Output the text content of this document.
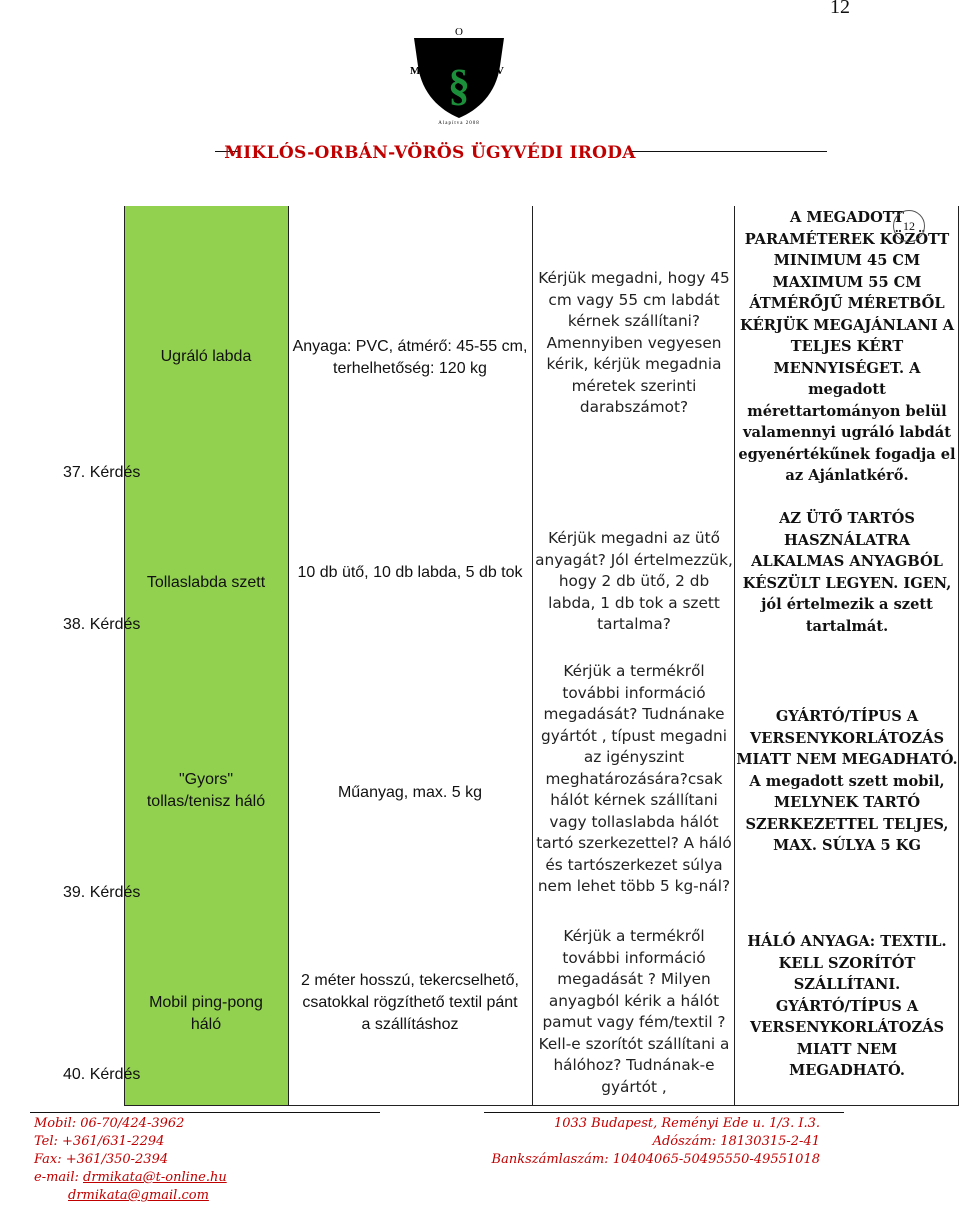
12
O
M § V
Alapítva 2008
MIKLÓS-ORBÁN-VÖRÖS ÜGYVÉDI IRODA
37. Kérdés
Ugráló labda
Anyaga: PVC, átmérő: 45-55 cm, terhelhetőség: 120 kg
Kérjük megadni, hogy 45 cm vagy 55 cm labdát kérnek szállítani? Amennyiben vegyesen kérik, kérjük megadnia méretek szerinti darabszámot?
A MEGADOTT PARAMÉTEREK KÖZÖTT MINIMUM 45 CM MAXIMUM 55 CM ÁTMÉRŐJŰ MÉRETBŐL KÉRJÜK MEGAJÁNLANI A TELJES KÉRT MENNYISÉGET. A megadott mérettartományon belül valamennyi ugráló labdát egyenértékűnek fogadja el az Ajánlatkérő.
38. Kérdés
Tollaslabda szett
10 db ütő, 10 db labda, 5 db tok
Kérjük megadni az ütő anyagát? Jól értelmezzük, hogy 2 db ütő, 2 db labda, 1 db tok a szett tartalma?
AZ ÜTŐ TARTÓS HASZNÁLATRA ALKALMAS ANYAGBÓL KÉSZÜLT LEGYEN. IGEN, jól értelmezik a szett tartalmát.
39. Kérdés
"Gyors" tollas/tenisz háló
Műanyag, max. 5 kg
Kérjük a termékről további információ megadását? Tudnánake gyártót , típust megadni az igényszint meghatározására?csak hálót kérnek szállítani vagy tollaslabda hálót tartó szerkezettel? A háló és tartószerkezet súlya nem lehet több 5 kg-nál?
GYÁRTÓ/TÍPUS A VERSENYKORLÁTOZÁS MIATT NEM MEGADHATÓ. A megadott szett mobil, MELYNEK TARTÓ SZERKEZETTEL TELJES, MAX. SÚLYA 5 KG
40. Kérdés
Mobil ping-pong háló
2 méter hosszú, tekercselhető, csatokkal rögzíthető textil pánt a szállításhoz
Kérjük a termékről további információ megadását ? Milyen anyagból kérik a hálót pamut vagy fém/textil ? Kell-e szorítót szállítani a hálóhoz? Tudnának-e gyártót ,
HÁLÓ ANYAGA: TEXTIL. KELL SZORÍTÓT SZÁLLÍTANI. GYÁRTÓ/TÍPUS A VERSENYKORLÁTOZÁS MIATT NEM MEGADHATÓ.
12
Mobil: 06-70/424-3962
Tel: +361/631-2294
Fax: +361/350-2394
e-mail: drmikata@t-online.hu
drmikata@gmail.com
1033 Budapest, Reményi Ede u. 1/3. I.3.
Adószám: 18130315-2-41
Bankszámlaszám: 10404065-50495550-49551018
